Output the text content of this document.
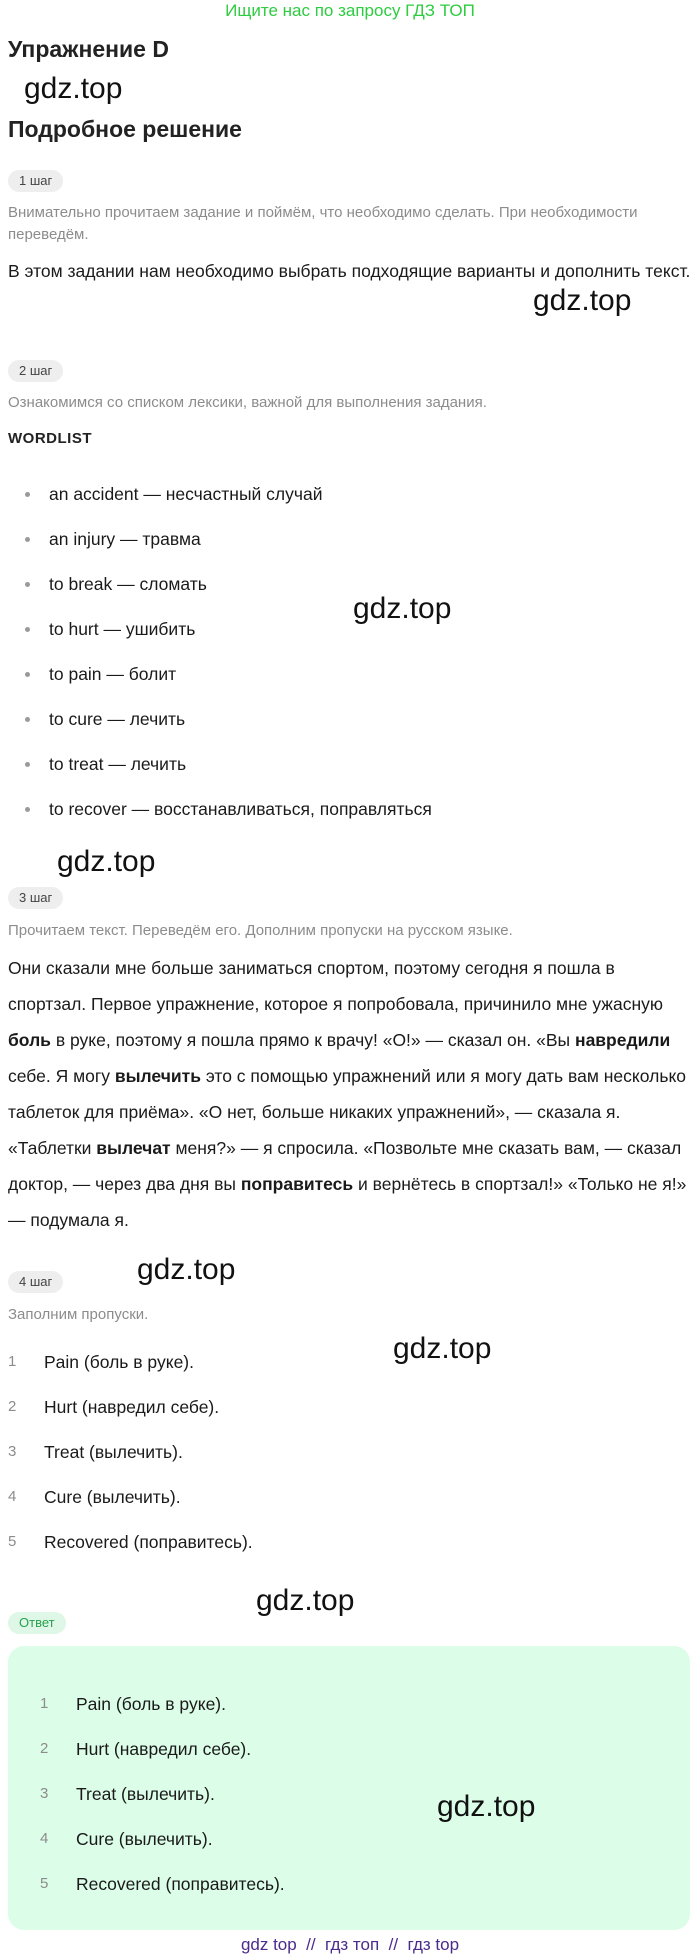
Ищите нас по запросу ГДЗ ТОП
Упражнение D
gdz.top
Подробное решение
1 шаг
Внимательно прочитаем задание и поймём, что необходимо сделать. При необходимости переведём.
В этом задании нам необходимо выбрать подходящие варианты и дополнить текст.
gdz.top
2 шаг
Ознакомимся со списком лексики, важной для выполнения задания.
WORDLIST
an accident — несчастный случай
an injury — травма
to break — сломать
to hurt — ушибить
to pain — болит
to cure — лечить
to treat — лечить
to recover — восстанавливаться, поправляться
gdz.top
gdz.top
3 шаг
Прочитаем текст. Переведём его. Дополним пропуски на русском языке.
Они сказали мне больше заниматься спортом, поэтому сегодня я пошла в спортзал. Первое упражнение, которое я попробовала, причинило мне ужасную боль в руке, поэтому я пошла прямо к врачу! «О!» — сказал он. «Вы навредили себе. Я могу вылечить это с помощью упражнений или я могу дать вам несколько таблеток для приёма». «О нет, больше никаких упражнений», — сказала я. «Таблетки вылечат меня?» — я спросила. «Позвольте мне сказать вам, — сказал доктор, — через два дня вы поправитесь и вернётесь в спортзал!» «Только не я!» — подумала я.
4 шаг	gdz.top
Заполним пропуски.
gdz.top
1	Pain (боль в руке).
2	Hurt (навредил себе).
3	Treat (вылечить).
4	Cure (вылечить).
5	Recovered (поправитесь).
gdz.top
Ответ
1	Pain (боль в руке).
2	Hurt (навредил себе).
3	Treat (вылечить).
4	Cure (вылечить).
5	Recovered (поправитесь).
gdz.top
gdz top  //  гдз топ  //  гдз top
